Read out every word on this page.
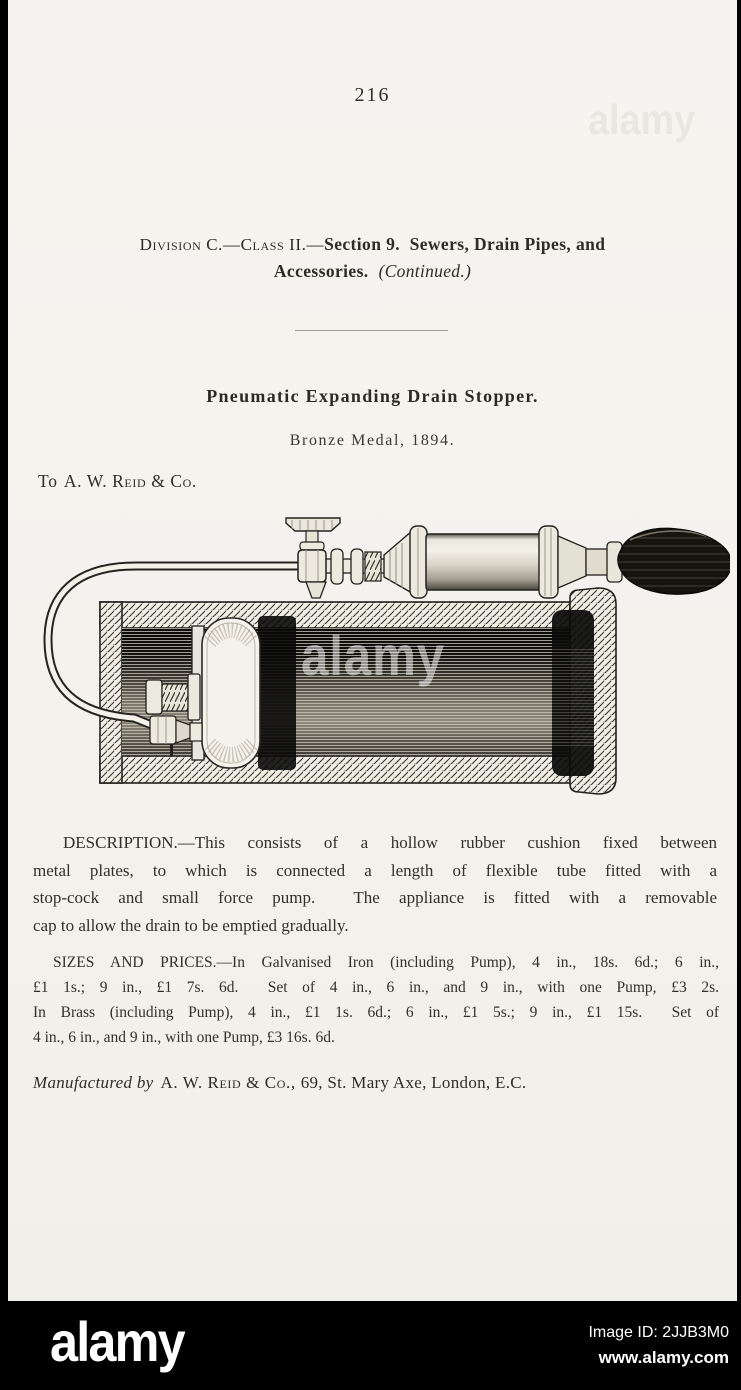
alamy
216
Division C.—Class II.—Section 9.  Sewers, Drain Pipes, and
Accessories. (Continued.)
Pneumatic Expanding Drain Stopper.
Bronze Medal, 1894.
To A. W. Reid & Co.
alamy
DESCRIPTION.—This consists of a hollow rubber cushion fixed between
metal plates, to which is connected a length of flexible tube fitted with a
stop-cock and small force pump.  The appliance is fitted with a removable
cap to allow the drain to be emptied gradually.
SIZES AND PRICES.—In Galvanised Iron (including Pump), 4 in., 18s. 6d.; 6 in.,
£1 1s.; 9 in., £1 7s. 6d.  Set of 4 in., 6 in., and 9 in., with one Pump, £3 2s.
In Brass (including Pump), 4 in., £1 1s. 6d.; 6 in., £1 5s.; 9 in., £1 15s.  Set of
4 in., 6 in., and 9 in., with one Pump, £3 16s. 6d.
Manufactured by A. W. Reid & Co., 69, St. Mary Axe, London, E.C.
alamy	Image ID: 2JJB3M0
www.alamy.com
